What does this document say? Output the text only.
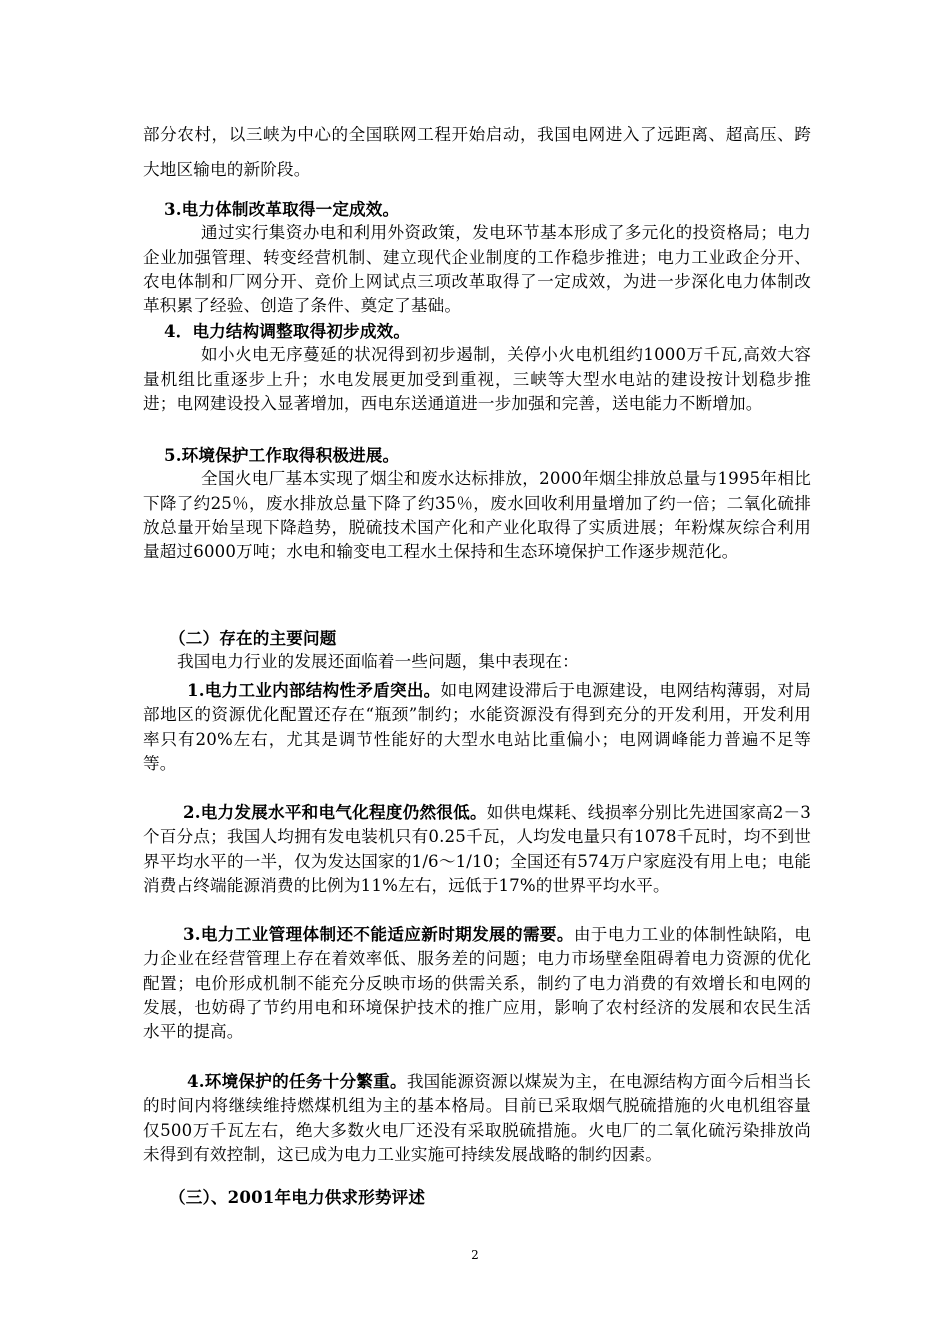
部分农村，以三峡为中心的全国联网工程开始启动，我国电网进入了远距离、超高压、跨大地区输电的新阶段。

3.电力体制改革取得一定成效。

通过实行集资办电和利用外资政策，发电环节基本形成了多元化的投资格局；电力企业加强管理、转变经营机制、建立现代企业制度的工作稳步推进；电力工业政企分开、农电体制和厂网分开、竞价上网试点三项改革取得了一定成效，为进一步深化电力体制改革积累了经验、创造了条件、奠定了基础。

4．电力结构调整取得初步成效。

如小火电无序蔓延的状况得到初步遏制，关停小火电机组约1000万千瓦,高效大容量机组比重逐步上升；水电发展更加受到重视，三峡等大型水电站的建设按计划稳步推进；电网建设投入显著增加，西电东送通道进一步加强和完善，送电能力不断增加。

5.环境保护工作取得积极进展。

全国火电厂基本实现了烟尘和废水达标排放，2000年烟尘排放总量与1995年相比下降了约25％，废水排放总量下降了约35％，废水回收利用量增加了约一倍；二氧化硫排放总量开始呈现下降趋势，脱硫技术国产化和产业化取得了实质进展；年粉煤灰综合利用量超过6000万吨；水电和输变电工程水土保持和生态环境保护工作逐步规范化。

（二）存在的主要问题

我国电力行业的发展还面临着一些问题，集中表现在：

1.电力工业内部结构性矛盾突出。如电网建设滞后于电源建设，电网结构薄弱，对局部地区的资源优化配置还存在“瓶颈”制约；水能资源没有得到充分的开发利用，开发利用率只有20%左右，尤其是调节性能好的大型水电站比重偏小；电网调峰能力普遍不足等等。

2.电力发展水平和电气化程度仍然很低。如供电煤耗、线损率分别比先进国家高2－3个百分点；我国人均拥有发电装机只有0.25千瓦，人均发电量只有1078千瓦时，均不到世界平均水平的一半，仅为发达国家的1/6～1/10；全国还有574万户家庭没有用上电；电能消费占终端能源消费的比例为11%左右，远低于17%的世界平均水平。

3.电力工业管理体制还不能适应新时期发展的需要。由于电力工业的体制性缺陷，电力企业在经营管理上存在着效率低、服务差的问题；电力市场壁垒阻碍着电力资源的优化配置；电价形成机制不能充分反映市场的供需关系，制约了电力消费的有效增长和电网的发展，也妨碍了节约用电和环境保护技术的推广应用，影响了农村经济的发展和农民生活水平的提高。

4.环境保护的任务十分繁重。我国能源资源以煤炭为主，在电源结构方面今后相当长的时间内将继续维持燃煤机组为主的基本格局。目前已采取烟气脱硫措施的火电机组容量仅500万千瓦左右，绝大多数火电厂还没有采取脱硫措施。火电厂的二氧化硫污染排放尚未得到有效控制，这已成为电力工业实施可持续发展战略的制约因素。

（三）、2001年电力供求形势评述

2
